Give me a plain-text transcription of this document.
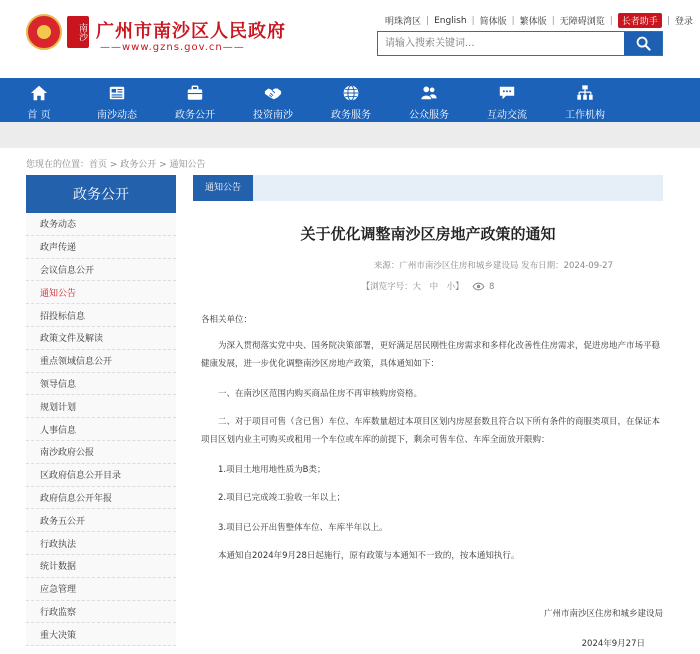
南沙 广州市南沙区人民政府
——www.gzns.gov.cn——
明珠湾区 | English | 简体版 | 繁体版 | 无障碍浏览 |	长者助手	| 登录
请输入搜索关键词...
首 页	南沙动态	政务公开	投资南沙	政务服务	公众服务	互动交流	工作机构
您现在的位置：首页 > 政务公开 > 通知公告
政务公开
政务动态
政声传递
会议信息公开
通知公告
招投标信息
政策文件及解读
重点领域信息公开
领导信息
规划计划
人事信息
南沙政府公报
区政府信息公开目录
政府信息公开年报
政务五公开
行政执法
统计数据
应急管理
行政监察
重大决策
通知公告
关于优化调整南沙区房地产政策的通知
来源：广州市南沙区住房和城乡建设局 发布日期：2024-09-27
【浏览字号：大　中　小】	8
各相关单位：
为深入贯彻落实党中央、国务院决策部署，更好满足居民刚性住房需求和多样化改善性住房需求，促进房地产市场平稳健康发展，进一步优化调整南沙区房地产政策，具体通知如下：
一、在南沙区范围内购买商品住房不再审核购房资格。
二、对于项目可售（含已售）车位、车库数量超过本项目区划内房屋套数且符合以下所有条件的商服类项目，在保证本项目区划内业主可购买或租用一个车位或车库的前提下，剩余可售车位、车库全面放开限购：
1.项目土地用地性质为B类；
2.项目已完成竣工验收一年以上；
3.项目已公开出售整体车位、车库半年以上。
本通知自2024年9月28日起施行，原有政策与本通知不一致的，按本通知执行。
广州市南沙区住房和城乡建设局
2024年9月27日
